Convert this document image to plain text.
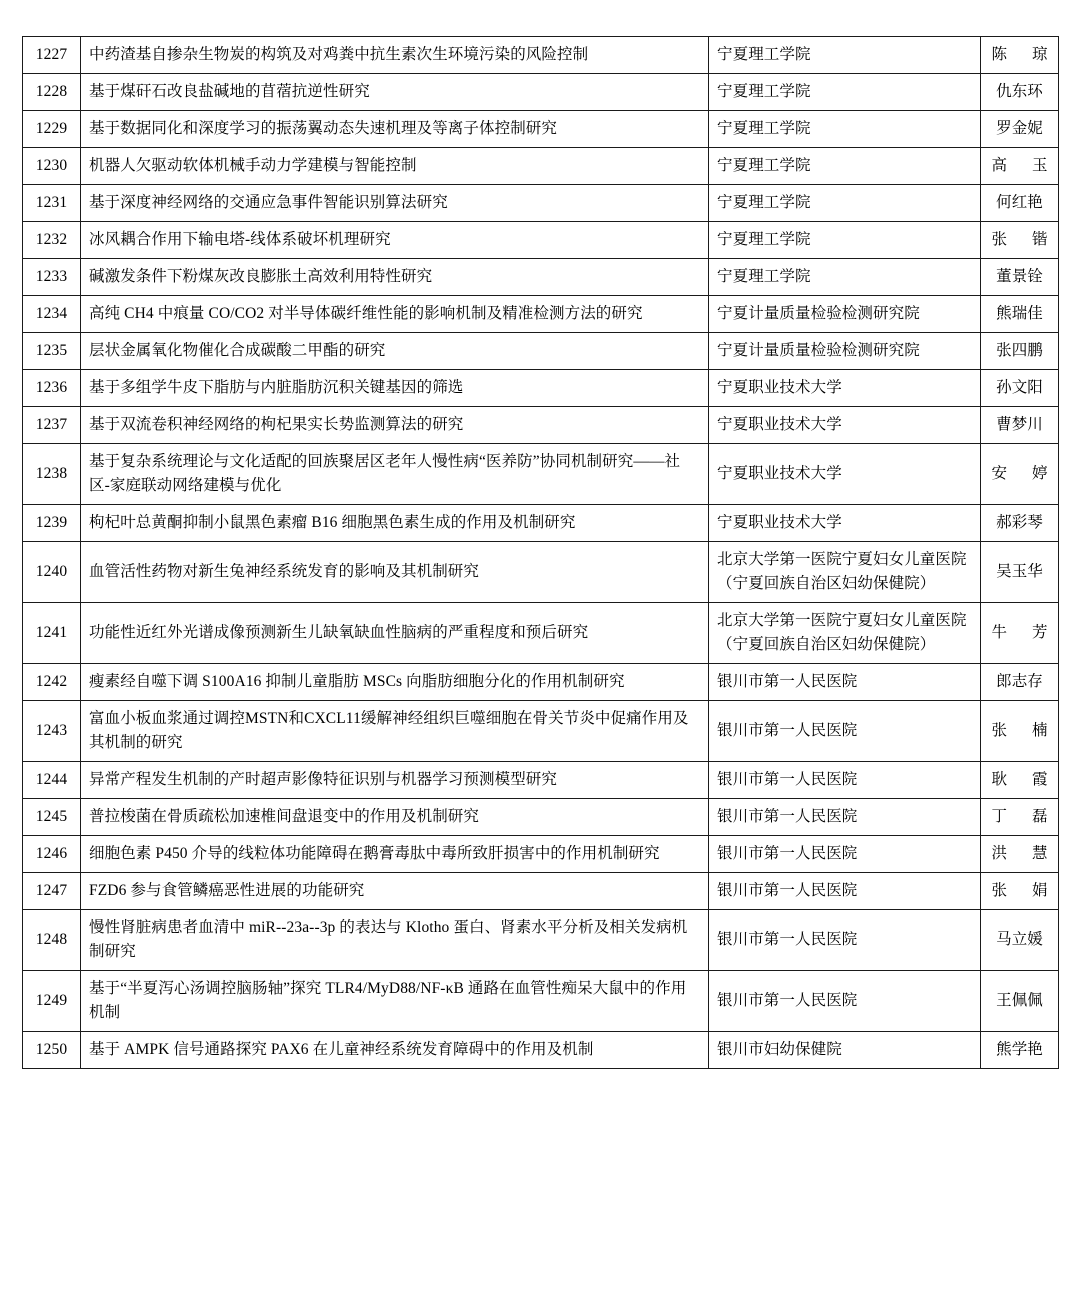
1227	中药渣基自掺杂生物炭的构筑及对鸡粪中抗生素次生环境污染的风险控制	宁夏理工学院	陈琼
1228	基于煤矸石改良盐碱地的苜蓿抗逆性研究	宁夏理工学院	仇东环
1229	基于数据同化和深度学习的振荡翼动态失速机理及等离子体控制研究	宁夏理工学院	罗金妮
1230	机器人欠驱动软体机械手动力学建模与智能控制	宁夏理工学院	高玉
1231	基于深度神经网络的交通应急事件智能识别算法研究	宁夏理工学院	何红艳
1232	冰风耦合作用下输电塔-线体系破坏机理研究	宁夏理工学院	张锴
1233	碱激发条件下粉煤灰改良膨胀土高效利用特性研究	宁夏理工学院	董景铨
1234	高纯 CH4 中痕量 CO/CO2 对半导体碳纤维性能的影响机制及精准检测方法的研究	宁夏计量质量检验检测研究院	熊瑞佳
1235	层状金属氧化物催化合成碳酸二甲酯的研究	宁夏计量质量检验检测研究院	张四鹏
1236	基于多组学牛皮下脂肪与内脏脂肪沉积关键基因的筛选	宁夏职业技术大学	孙文阳
1237	基于双流卷积神经网络的枸杞果实长势监测算法的研究	宁夏职业技术大学	曹梦川
1238	基于复杂系统理论与文化适配的回族聚居区老年人慢性病“医养防”协同机制研究——社区-家庭联动网络建模与优化	宁夏职业技术大学	安婷
1239	枸杞叶总黄酮抑制小鼠黑色素瘤 B16 细胞黑色素生成的作用及机制研究	宁夏职业技术大学	郝彩琴
1240	血管活性药物对新生兔神经系统发育的影响及其机制研究	北京大学第一医院宁夏妇女儿童医院（宁夏回族自治区妇幼保健院）	吴玉华
1241	功能性近红外光谱成像预测新生儿缺氧缺血性脑病的严重程度和预后研究	北京大学第一医院宁夏妇女儿童医院（宁夏回族自治区妇幼保健院）	牛芳
1242	瘦素经自噬下调 S100A16 抑制儿童脂肪 MSCs 向脂肪细胞分化的作用机制研究	银川市第一人民医院	郎志存
1243	富血小板血浆通过调控MSTN和CXCL11缓解神经组织巨噬细胞在骨关节炎中促痛作用及其机制的研究	银川市第一人民医院	张楠
1244	异常产程发生机制的产时超声影像特征识别与机器学习预测模型研究	银川市第一人民医院	耿霞
1245	普拉梭菌在骨质疏松加速椎间盘退变中的作用及机制研究	银川市第一人民医院	丁磊
1246	细胞色素 P450 介导的线粒体功能障碍在鹅膏毒肽中毒所致肝损害中的作用机制研究	银川市第一人民医院	洪慧
1247	FZD6 参与食管鳞癌恶性进展的功能研究	银川市第一人民医院	张娟
1248	慢性肾脏病患者血清中 miR--23a--3p 的表达与 Klotho 蛋白、肾素水平分析及相关发病机制研究	银川市第一人民医院	马立媛
1249	基于“半夏泻心汤调控脑肠轴”探究 TLR4/MyD88/NF-κB 通路在血管性痴呆大鼠中的作用机制	银川市第一人民医院	王佩佩
1250	基于 AMPK 信号通路探究 PAX6 在儿童神经系统发育障碍中的作用及机制	银川市妇幼保健院	熊学艳
